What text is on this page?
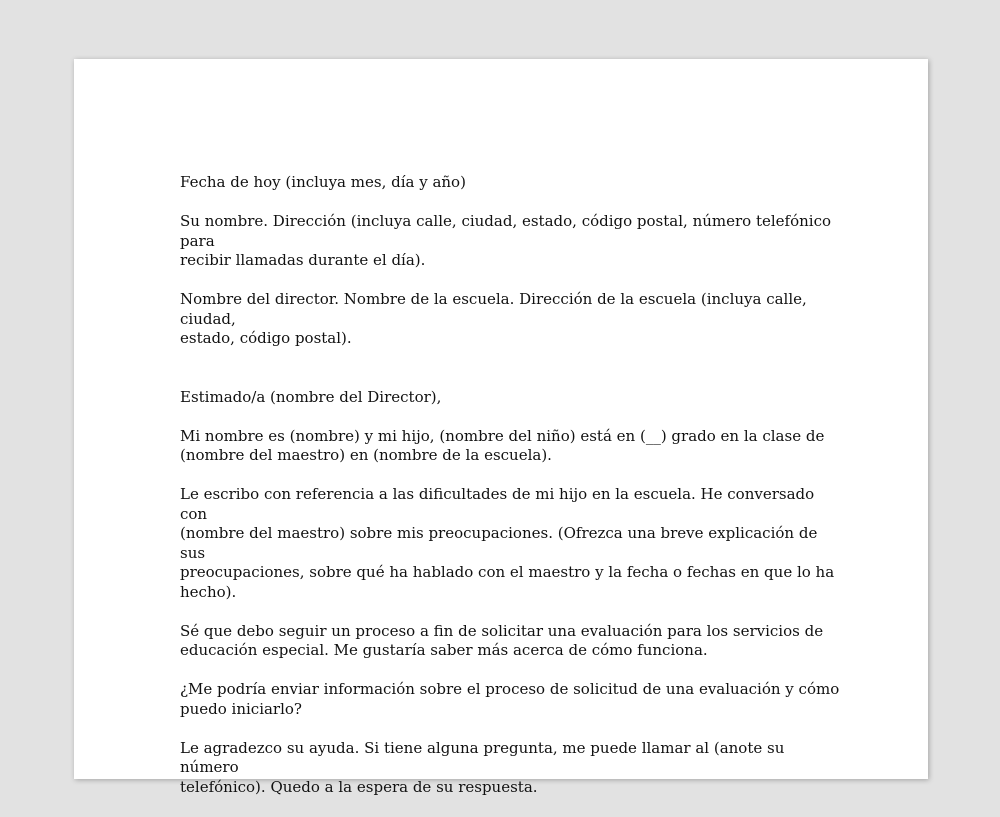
Fecha de hoy (incluya mes, día y año)

Su nombre. Dirección (incluya calle, ciudad, estado, código postal, número telefónico para
recibir llamadas durante el día).

Nombre del director. Nombre de la escuela. Dirección de la escuela (incluya calle, ciudad,
estado, código postal).

Estimado/a (nombre del Director),

Mi nombre es (nombre) y mi hijo, (nombre del niño) está en (__) grado en la clase de
(nombre del maestro) en (nombre de la escuela).

Le escribo con referencia a las dificultades de mi hijo en la escuela. He conversado con
(nombre del maestro) sobre mis preocupaciones. (Ofrezca una breve explicación de sus
preocupaciones, sobre qué ha hablado con el maestro y la fecha o fechas en que lo ha
hecho).

Sé que debo seguir un proceso a fin de solicitar una evaluación para los servicios de
educación especial. Me gustaría saber más acerca de cómo funciona.

¿Me podría enviar información sobre el proceso de solicitud de una evaluación y cómo
puedo iniciarlo?

Le agradezco su ayuda. Si tiene alguna pregunta, me puede llamar al (anote su número
telefónico). Quedo a la espera de su respuesta.
